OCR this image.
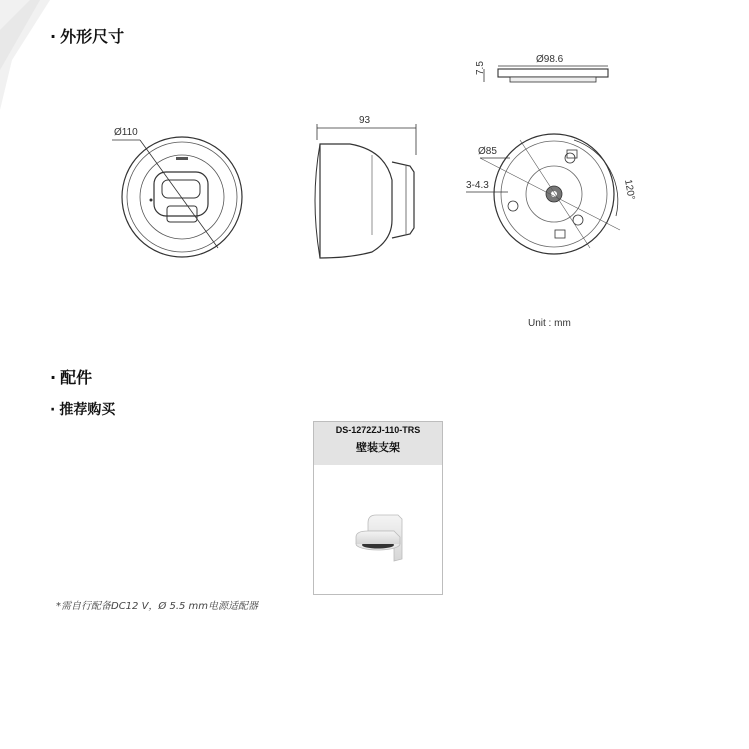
· 外形尺寸
Ø110
93
Ø98.6
7.5
Ø85
3-4.3	120°
Unit : mm
· 配件
· 推荐购买
DS-1272ZJ-110-TRS
壁装支架
*需自行配备DC12 V，Ø 5.5 mm电源适配器
